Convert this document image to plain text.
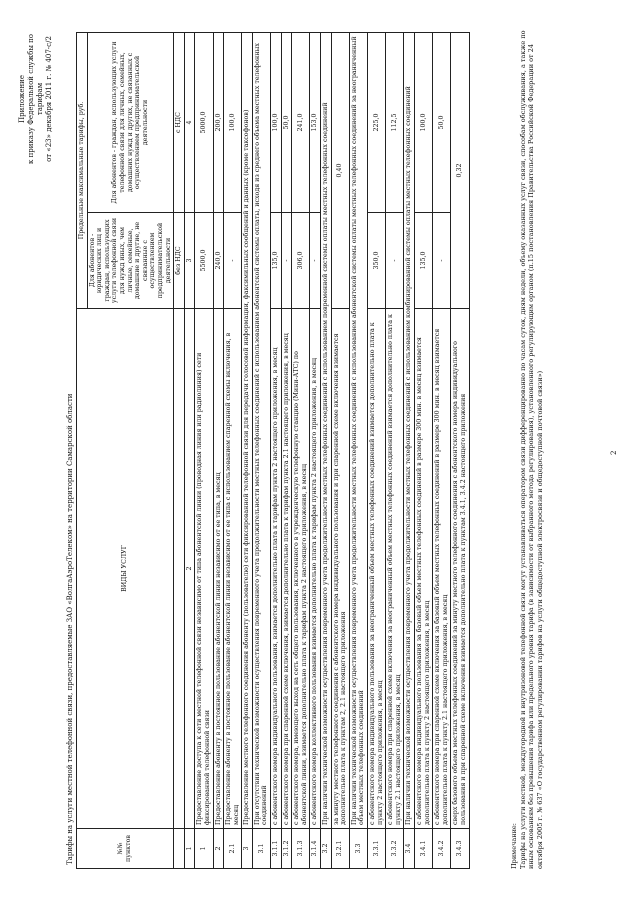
Приложение к приказу Федеральной службы по тарифам от «23» декабря 2011 г. № 407-с/2
Тарифы на услуги местной телефонной связи, предоставляемые ЗАО «ВолгаАэроТелеком» на территории Самарской области	№№ пунктов	ВИДЫ УСЛУГ	Предельные максимальные тарифы, руб.	
		Для абонентов - юридических лиц и граждан, использующих услуги телефонной связи для нужд иных, чем личные, семейные, домашние и другие, не связанные с осуществлением предпринимательской деятельности	Для абонентов - граждан, использующих услуги телефонной связи для личных, семейных, домашних нужд и других, не связанных с осуществлением предпринимательской деятельности
		без НДС	с НДС
1	2	3	4
1	Предоставление доступа к сети местной телефонной связи независимо от типа абонентской линии (проводная линия или радиолиния) сети фиксированной телефонной связи	5500,0	5000,0
2	Предоставление абоненту в постоянное пользование абонентской линии независимо от ее типа, в месяц	240,0	200,0
2.1	Предоставление абоненту в постоянное пользование абонентской линии независимо от ее типа с использованием спаренной схемы включения, в месяц	-	100,0
3	Предоставление местного телефонного соединения абоненту (пользователю) сети фиксированной телефонной связи для передачи голосовой информации, факсимильных сообщений и данных (кроме таксофонов)		
3.1	При отсутствии технической возможности осуществления повременного учета продолжительности местных телефонных соединений с использованием абонентской системы оплаты, исходя из среднего объема местных телефонных соединений		
3.1.1	с абонентского номера индивидуального пользования, взимается дополнительно плата к тарифам пункта 2 настоящего приложения, в месяц	135,0	100,0
3.1.2	с абонентского номера при спаренной схеме включения, взимается дополнительно плата к тарифам пункта 2.1 настоящего приложения, в месяц	-	50,0
3.1.3	с абонентского номера, имеющего выход на сеть общего пользования, включенного в учрежденческую телефонную станцию (Мини-АТС) по абонентской линии, взимается дополнительно плата к тарифам пункта 2 настоящего приложения, в месяц	306,0	241,0
3.1.4	с абонентского номера коллективного пользования взимается дополнительно плата к тарифам пункта 2 настоящего приложения, в месяц	-	153,0
3.2	При наличии технической возможности осуществления повременного учета продолжительности местных телефонных соединений с использованием повременной системы оплаты местных телефонных соединений		
3.2.1	за минуту местного телефонного соединения с абонентского номера индивидуального пользования и при спаренной схеме включения взимается дополнительно плата к пунктам 2, 2.1 настоящего приложения	0,40	
3.3	При наличии технической возможности осуществления повременного учета продолжительности местных телефонных соединений с использованием абонентской системы оплаты местных телефонных соединений за неограниченный объем местных телефонных соединений		
3.3.1	с абонентского номера индивидуального пользования за неограниченный объем местных телефонных соединений взимается дополнительно плата к пункту 2 настоящего приложения, в месяц	350,0	225,0
3.3.2	с абонентского номера при спаренной схеме включения за неограниченный объем местных телефонных соединений взимается дополнительно плата к пункту 2.1 настоящего приложения, в месяц	-	112,5
3.4	При наличии технической возможности осуществления повременного учета продолжительности местных телефонных соединений с использованием комбинированной системы оплаты местных телефонных соединений		
3.4.1	с абонентского номера индивидуального пользования за базовый объем местных телефонных соединений в размере 300 мин. в месяц взимается дополнительно плата к пункту 2 настоящего приложения, в месяц	135,0	100,0
3.4.2	с абонентского номера при спаренной схеме включения за базовый объем местных телефонных соединений в размере 300 мин. в месяц взимается дополнительно плата к пункту 2.1 настоящего приложения, в месяц	-	50,0
3.4.3	сверх базового объема местных телефонных соединений за минуту местного телефонного соединения с абонентского номера индивидуального пользования и при спаренной схеме включения взимается дополнительно плата к пунктам 3.4.1, 3.4.2 настоящего приложения	0,32	
Примечание: Тарифы на услуги местной, междугородной и внутризоновой телефонной связи могут устанавливаться оператором связи дифференцированно по часам суток, дням недели, объему оказанных услуг связи, способам обслуживания, а также по иным основаниям без превышения тарифа или предельного уровня тарифа (в зависимости от выбранного метода регулирования), установленного регулирующим органом (п.15 постановления Правительства Российской Федерации от 24 октября 2005 г. № 637 «О государственном регулировании тарифов на услуги общедоступной электросвязи и общедоступной почтовой связи»)	2
